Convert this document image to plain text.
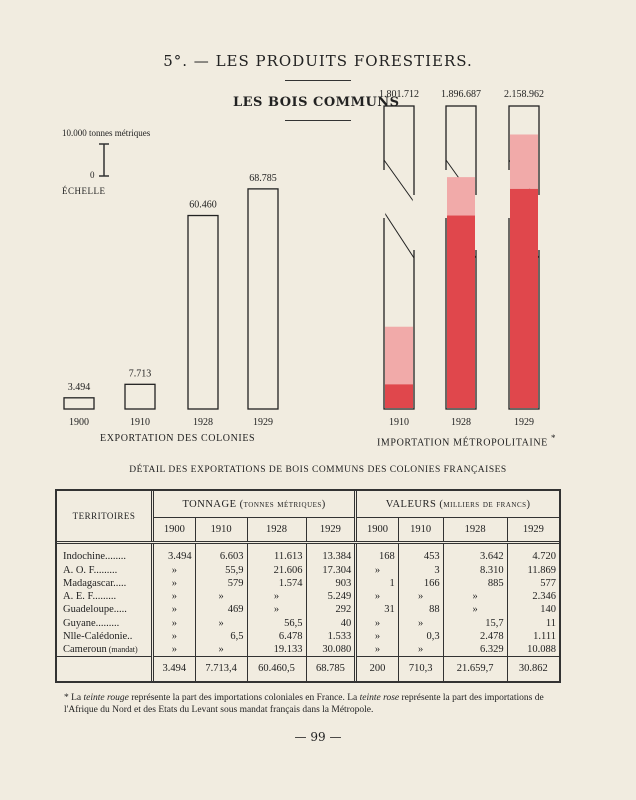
5°. — LES PRODUITS FORESTIERS.
LES BOIS COMMUNS
10.000 tonnes métriques
0
ÉCHELLE
3.494
1900
7.713
1910
60.460
1928
68.785
1929
1.801.712
1910
1.896.687
1928
2.158.962
1929
EXPORTATION DES COLONIES	IMPORTATION MÉTROPOLITAINE *
DÉTAIL DES EXPORTATIONS DE BOIS COMMUNS DES COLONIES FRANÇAISES
TERRITOIRES	TONNAGE (tonnes métriques)				VALEURS (milliers de francs)			
	1900	1910	1928	1929	1900	1910	1928	1929

Indochine........	3.494	6.603	11.613	13.384	168	453	3.642	4.720
A. O. F.........	»	55,9	21.606	17.304	»	3	8.310	11.869
Madagascar.....	»	579	1.574	903	1	166	885	577
A. E. F.........	»	»	»	5.249	»	»	»	2.346
Guadeloupe.....	»	469	»	292	31	88	»	140
Guyane.........	»	»	56,5	40	»	»	15,7	11
Nlle-Calédonie..	»	6,5	6.478	1.533	»	0,3	2.478	1.111
Cameroun (mandat)	»	»	19.133	30.080	»	»	6.329	10.088
	3.494	7.713,4	60.460,5	68.785	200	710,3	21.659,7	30.862
* La teinte rouge représente la part des importations coloniales en France. La teinte rose représente la part des importations de l'Afrique du Nord et des Etats du Levant sous mandat français dans la Métropole.
— 99 —
